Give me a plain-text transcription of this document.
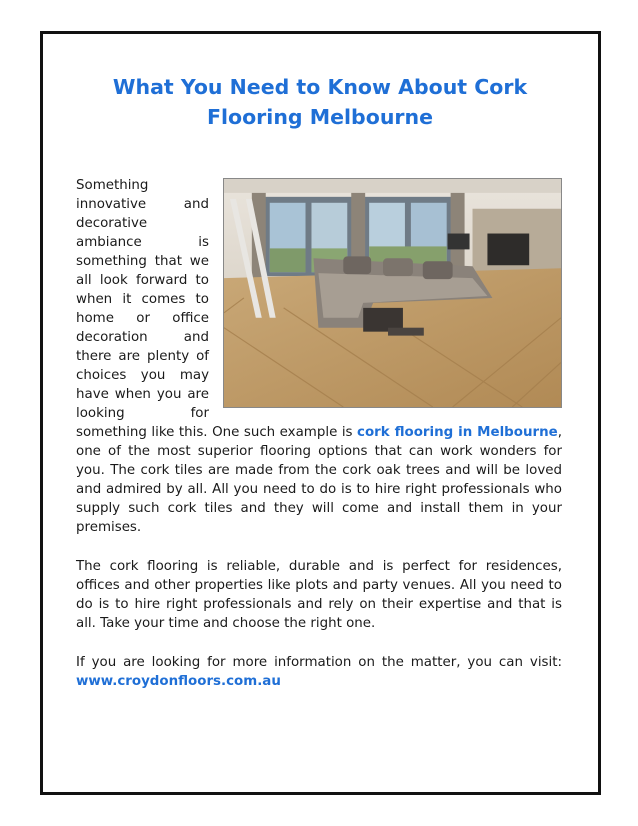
What You Need to Know About Cork Flooring Melbourne

Something innovative and decorative ambiance is something that we all look forward to when it comes to home or office decoration and there are plenty of choices you may have when you are looking for something like this. One such example is cork flooring in Melbourne, one of the most superior flooring options that can work wonders for you. The cork tiles are made from the cork oak trees and will be loved and admired by all. All you need to do is to hire right professionals who supply such cork tiles and they will come and install them in your premises.

The cork flooring is reliable, durable and is perfect for residences, offices and other properties like plots and party venues. All you need to do is to hire right professionals and rely on their expertise and that is all. Take your time and choose the right one.

If you are looking for more information on the matter, you can visit: www.croydonfloors.com.au
